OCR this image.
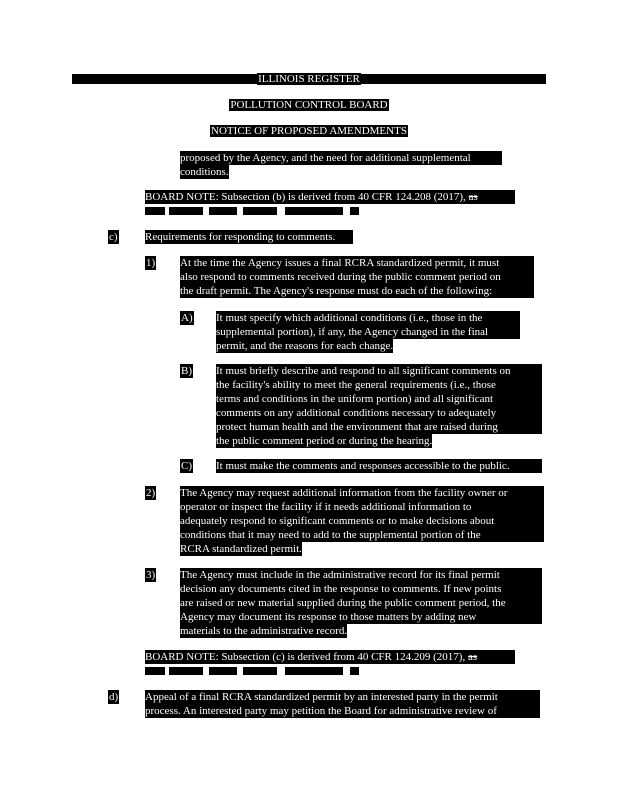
ILLINOIS REGISTER
POLLUTION CONTROL BOARD
NOTICE OF PROPOSED AMENDMENTS
proposed by the Agency, and the need for additional supplemental
conditions.
BOARD NOTE: Subsection (b) is derived from 40 CFR 124.208 (2017), as
c) Requirements for responding to comments.
1) At the time the Agency issues a final RCRA standardized permit, it must
also respond to comments received during the public comment period on
the draft permit. The Agency's response must do each of the following:
A) It must specify which additional conditions (i.e., those in the
supplemental portion), if any, the Agency changed in the final
permit, and the reasons for each change.
B) It must briefly describe and respond to all significant comments on
the facility's ability to meet the general requirements (i.e., those
terms and conditions in the uniform portion) and all significant
comments on any additional conditions necessary to adequately
protect human health and the environment that are raised during
the public comment period or during the hearing.
C) It must make the comments and responses accessible to the public.
2) The Agency may request additional information from the facility owner or
operator or inspect the facility if it needs additional information to
adequately respond to significant comments or to make decisions about
conditions that it may need to add to the supplemental portion of the
RCRA standardized permit.
3) The Agency must include in the administrative record for its final permit
decision any documents cited in the response to comments. If new points
are raised or new material supplied during the public comment period, the
Agency may document its response to those matters by adding new
materials to the administrative record.
BOARD NOTE: Subsection (c) is derived from 40 CFR 124.209 (2017), as
d) Appeal of a final RCRA standardized permit by an interested party in the permit
process. An interested party may petition the Board for administrative review of
